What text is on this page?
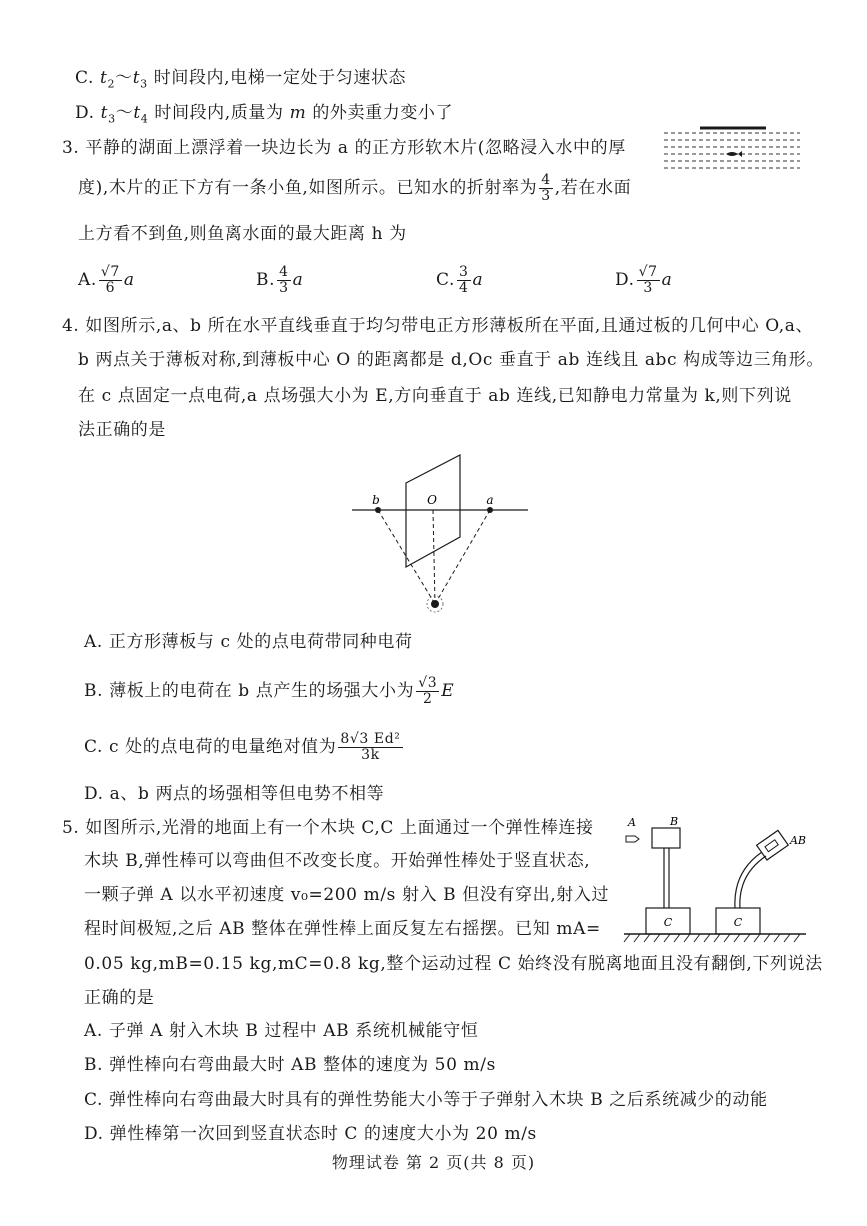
C. $t_2\sim t_3$ 时间段内,电梯一定处于匀速状态
D. $t_3\sim t_4$ 时间段内,质量为 m 的外卖重力变小了
3. 平静的湖面上漂浮着一块边长为 a 的正方形软木片(忽略浸入水中的厚
度),木片的正下方有一条小鱼,如图所示。已知水的折射率为 $\frac{4}{3}$ ,若在水面
上方看不到鱼,则鱼离水面的最大距离 h 为
A. $\frac{√7}{6}$ a	B. $\frac{4}{3}$ a	C. $\frac{3}{4}$ a	D. $\frac{√7}{3}$ a
4. 如图所示,a、b 所在水平直线垂直于均匀带电正方形薄板所在平面,且通过板的几何中心 O,a、
b 两点关于薄板对称,到薄板中心 O 的距离都是 d,Oc 垂直于 ab 连线且 abc 构成等边三角形。
在 c 点固定一点电荷,a 点场强大小为 E,方向垂直于 ab 连线,已知静电力常量为 k,则下列说
法正确的是
b	O	a
A. 正方形薄板与 c 处的点电荷带同种电荷
B. 薄板上的电荷在 b 点产生的场强大小为 $\frac{√3}{2}$ E
C. c 处的点电荷的电量绝对值为 $\frac{\text{8√3 Ed²}}{3k}$
D. a、b 两点的场强相等但电势不相等
5. 如图所示,光滑的地面上有一个木块 C,C 上面通过一个弹性棒连接
木块 B,弹性棒可以弯曲但不改变长度。开始弹性棒处于竖直状态,
一颗子弹 A 以水平初速度 v₀=200 m/s 射入 B 但没有穿出,射入过
程时间极短,之后 AB 整体在弹性棒上面反复左右摇摆。已知 mA=
0.05 kg,mB=0.15 kg,mC=0.8 kg,整个运动过程 C 始终没有脱离地面且没有翻倒,下列说法
正确的是
A	B
C	C
AB
A. 子弹 A 射入木块 B 过程中 AB 系统机械能守恒
B. 弹性棒向右弯曲最大时 AB 整体的速度为 50 m/s
C. 弹性棒向右弯曲最大时具有的弹性势能大小等于子弹射入木块 B 之后系统减少的动能
D. 弹性棒第一次回到竖直状态时 C 的速度大小为 20 m/s
物理试卷 第 2 页(共 8 页)
